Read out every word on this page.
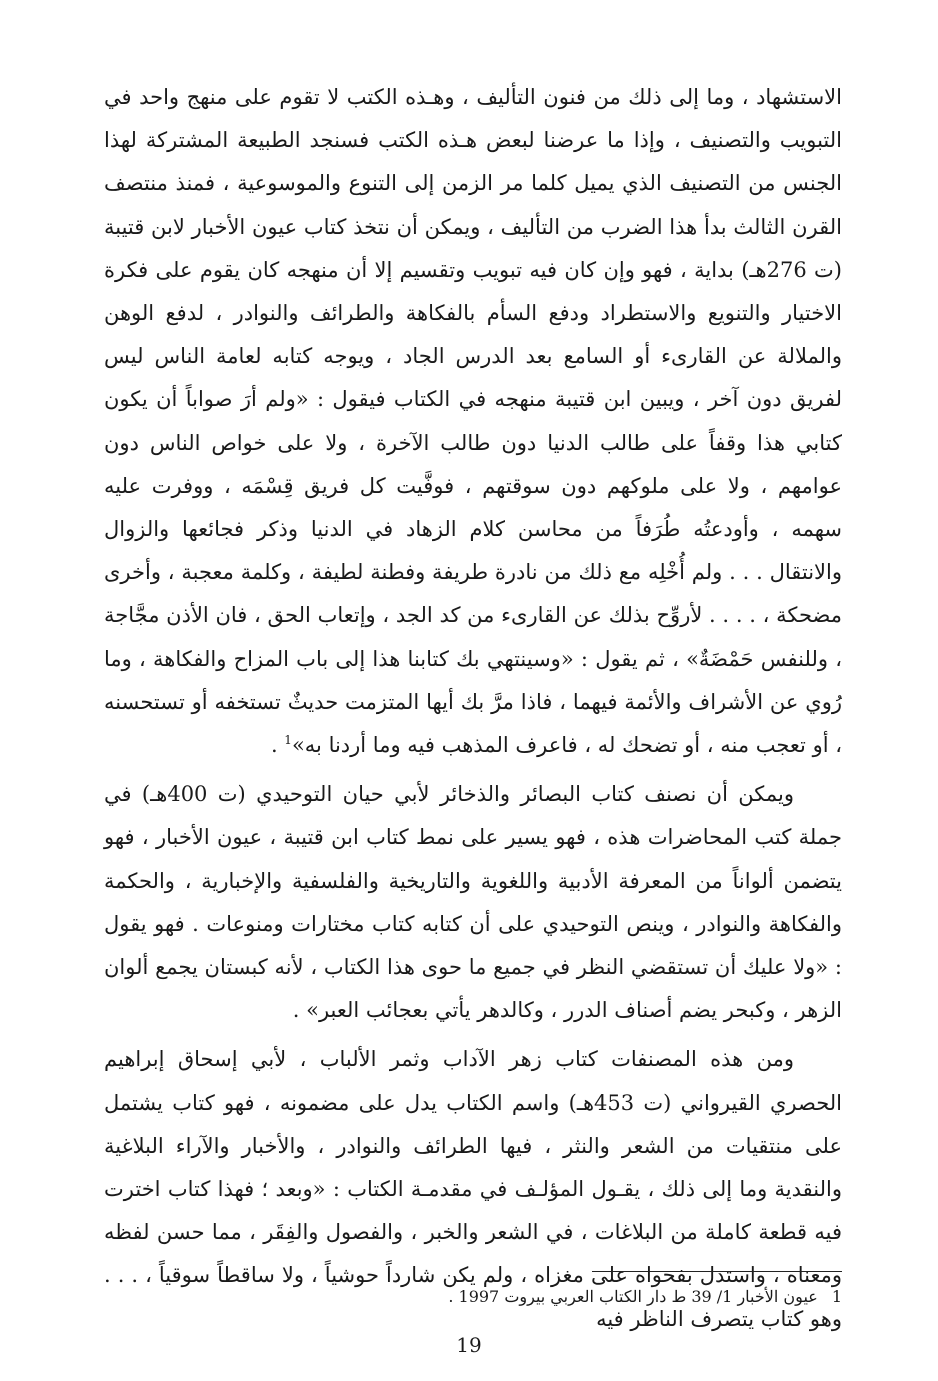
الاستشهاد ، وما إلى ذلك من فنون التأليف ، وهـذه الكتب لا تقوم على منهج واحد في التبويب والتصنيف ، وإذا ما عرضنا لبعض هـذه الكتب فسنجد الطبيعة المشتركة لهذا الجنس من التصنيف الذي يميل كلما مر الزمن إلى التنوع والموسوعية ، فمنذ منتصف القرن الثالث بدأ هذا الضرب من التأليف ، ويمكن أن نتخذ كتاب عيون الأخبار لابن قتيبة (ت 276هـ) بداية ، فهو وإن كان فيه تبويب وتقسيم إلا أن منهجه كان يقوم على فكرة الاختيار والتنويع والاستطراد ودفع السأم بالفكاهة والطرائف والنوادر ، لدفع الوهن والملالة عن القارىء أو السامع بعد الدرس الجاد ، ويوجه كتابه لعامة الناس ليس لفريق دون آخر ، ويبين ابن قتيبة منهجه في الكتاب فيقول : «ولم أرَ صواباً أن يكون كتابي هذا وقفاً على طالب الدنيا دون طالب الآخرة ، ولا على خواص الناس دون عوامهم ، ولا على ملوكهم دون سوقتهم ، فوفَّيت كل فريق قِسْمَه ، ووفرت عليه سهمه ، وأودعتُه طُرَفاً من محاسن كلام الزهاد في الدنيا وذكر فجائعها والزوال والانتقال . . . ولم أُخْلِه مع ذلك من نادرة طريفة وفطنة لطيفة ، وكلمة معجبة ، وأخرى مضحكة ، . . . . لأروِّح بذلك عن القارىء من كد الجد ، وإتعاب الحق ، فان الأذن مجَّاجة ، وللنفس حَمْضَةٌ» ، ثم يقول : «وسينتهي بك كتابنا هذا إلى باب المزاح والفكاهة ، وما رُوي عن الأشراف والأئمة فيهما ، فاذا مرَّ بك أيها المتزمت حديثٌ تستخفه أو تستحسنه ، أو تعجب منه ، أو تضحك له ، فاعرف المذهب فيه وما أردنا به»$^1$ .

ويمكن أن نصنف كتاب البصائر والذخائر لأبي حيان التوحيدي (ت 400هـ) في جملة كتب المحاضرات هذه ، فهو يسير على نمط كتاب ابن قتيبة ، عيون الأخبار ، فهو يتضمن ألواناً من المعرفة الأدبية واللغوية والتاريخية والفلسفية والإخبارية ، والحكمة والفكاهة والنوادر ، وينص التوحيدي على أن كتابه كتاب مختارات ومنوعات . فهو يقول : «ولا عليك أن تستقضي النظر في جميع ما حوى هذا الكتاب ، لأنه كبستان يجمع ألوان الزهر ، وكبحر يضم أصناف الدرر ، وكالدهر يأتي بعجائب العبر» .

ومن هذه المصنفات كتاب زهر الآداب وثمر الألباب ، لأبي إسحاق إبراهيم الحصري القيرواني (ت 453هـ) واسم الكتاب يدل على مضمونه ، فهو كتاب يشتمل على منتقيات من الشعر والنثر ، فيها الطرائف والنوادر ، والأخبار والآراء البلاغية والنقدية وما إلى ذلك ، يقـول المؤلـف في مقدمـة الكتاب : «وبعد ؛ فهذا كتاب اخترت فيه قطعة كاملة من البلاغات ، في الشعر والخبر ، والفصول والفِقَر ، مما حسن لفظه ومعناه ، واستدل بفحواه على مغزاه ، ولم يكن شارداً حوشياً ، ولا ساقطاً سوقياً ، . . . وهو كتاب يتصرف الناظر فيه

1عيون الأخبار 1/ 39 ط دار الكتاب العربي بيروت 1997 .
19
